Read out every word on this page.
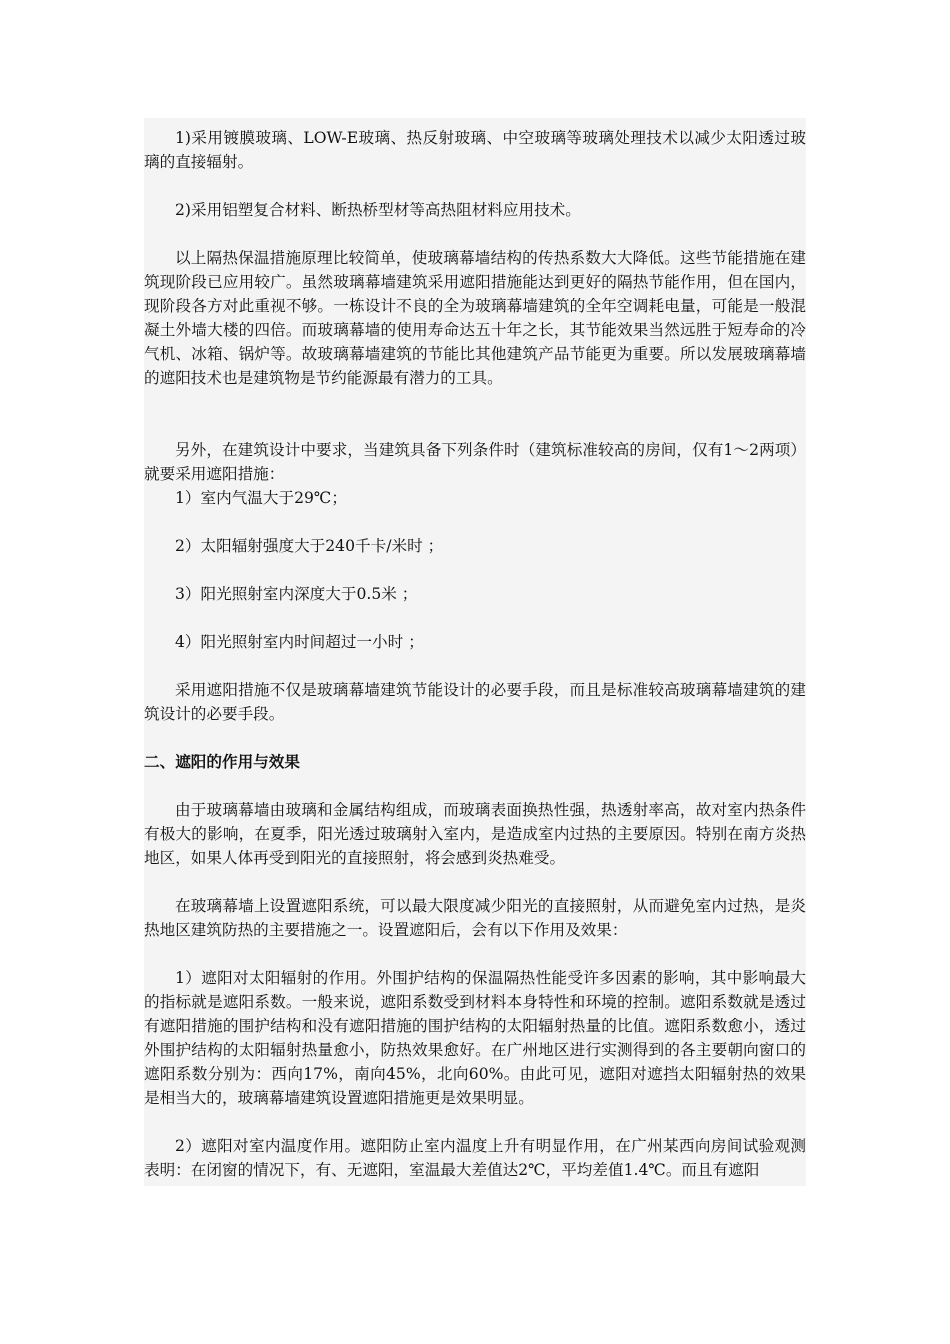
1)采用镀膜玻璃、LOW-E玻璃、热反射玻璃、中空玻璃等玻璃处理技术以减少太阳透过玻璃的直接辐射。

2)采用铝塑复合材料、断热桥型材等高热阻材料应用技术。

以上隔热保温措施原理比较简单，使玻璃幕墙结构的传热系数大大降低。这些节能措施在建筑现阶段已应用较广。虽然玻璃幕墙建筑采用遮阳措施能达到更好的隔热节能作用，但在国内，现阶段各方对此重视不够。一栋设计不良的全为玻璃幕墙建筑的全年空调耗电量，可能是一般混凝土外墙大楼的四倍。而玻璃幕墙的使用寿命达五十年之长，其节能效果当然远胜于短寿命的冷气机、冰箱、锅炉等。故玻璃幕墙建筑的节能比其他建筑产品节能更为重要。所以发展玻璃幕墙的遮阳技术也是建筑物是节约能源最有潜力的工具。

另外，在建筑设计中要求，当建筑具备下列条件时（建筑标准较高的房间，仅有1～2两项）就要采用遮阳措施：

1）室内气温大于29℃；

2）太阳辐射强度大于240千卡/米时 ；

3）阳光照射室内深度大于0.5米 ；

4）阳光照射室内时间超过一小时 ；

采用遮阳措施不仅是玻璃幕墙建筑节能设计的必要手段，而且是标准较高玻璃幕墙建筑的建筑设计的必要手段。

二、遮阳的作用与效果

由于玻璃幕墙由玻璃和金属结构组成，而玻璃表面换热性强，热透射率高，故对室内热条件有极大的影响，在夏季，阳光透过玻璃射入室内，是造成室内过热的主要原因。特别在南方炎热地区，如果人体再受到阳光的直接照射，将会感到炎热难受。

在玻璃幕墙上设置遮阳系统，可以最大限度减少阳光的直接照射，从而避免室内过热，是炎热地区建筑防热的主要措施之一。设置遮阳后，会有以下作用及效果：

1）遮阳对太阳辐射的作用。外围护结构的保温隔热性能受许多因素的影响，其中影响最大的指标就是遮阳系数。一般来说，遮阳系数受到材料本身特性和环境的控制。遮阳系数就是透过有遮阳措施的围护结构和没有遮阳措施的围护结构的太阳辐射热量的比值。遮阳系数愈小，透过外围护结构的太阳辐射热量愈小，防热效果愈好。在广州地区进行实测得到的各主要朝向窗口的遮阳系数分别为：西向17%，南向45%，北向60%。由此可见，遮阳对遮挡太阳辐射热的效果是相当大的，玻璃幕墙建筑设置遮阳措施更是效果明显。

2）遮阳对室内温度作用。遮阳防止室内温度上升有明显作用，在广州某西向房间试验观测表明：在闭窗的情况下，有、无遮阳，室温最大差值达2℃，平均差值1.4℃。而且有遮阳
